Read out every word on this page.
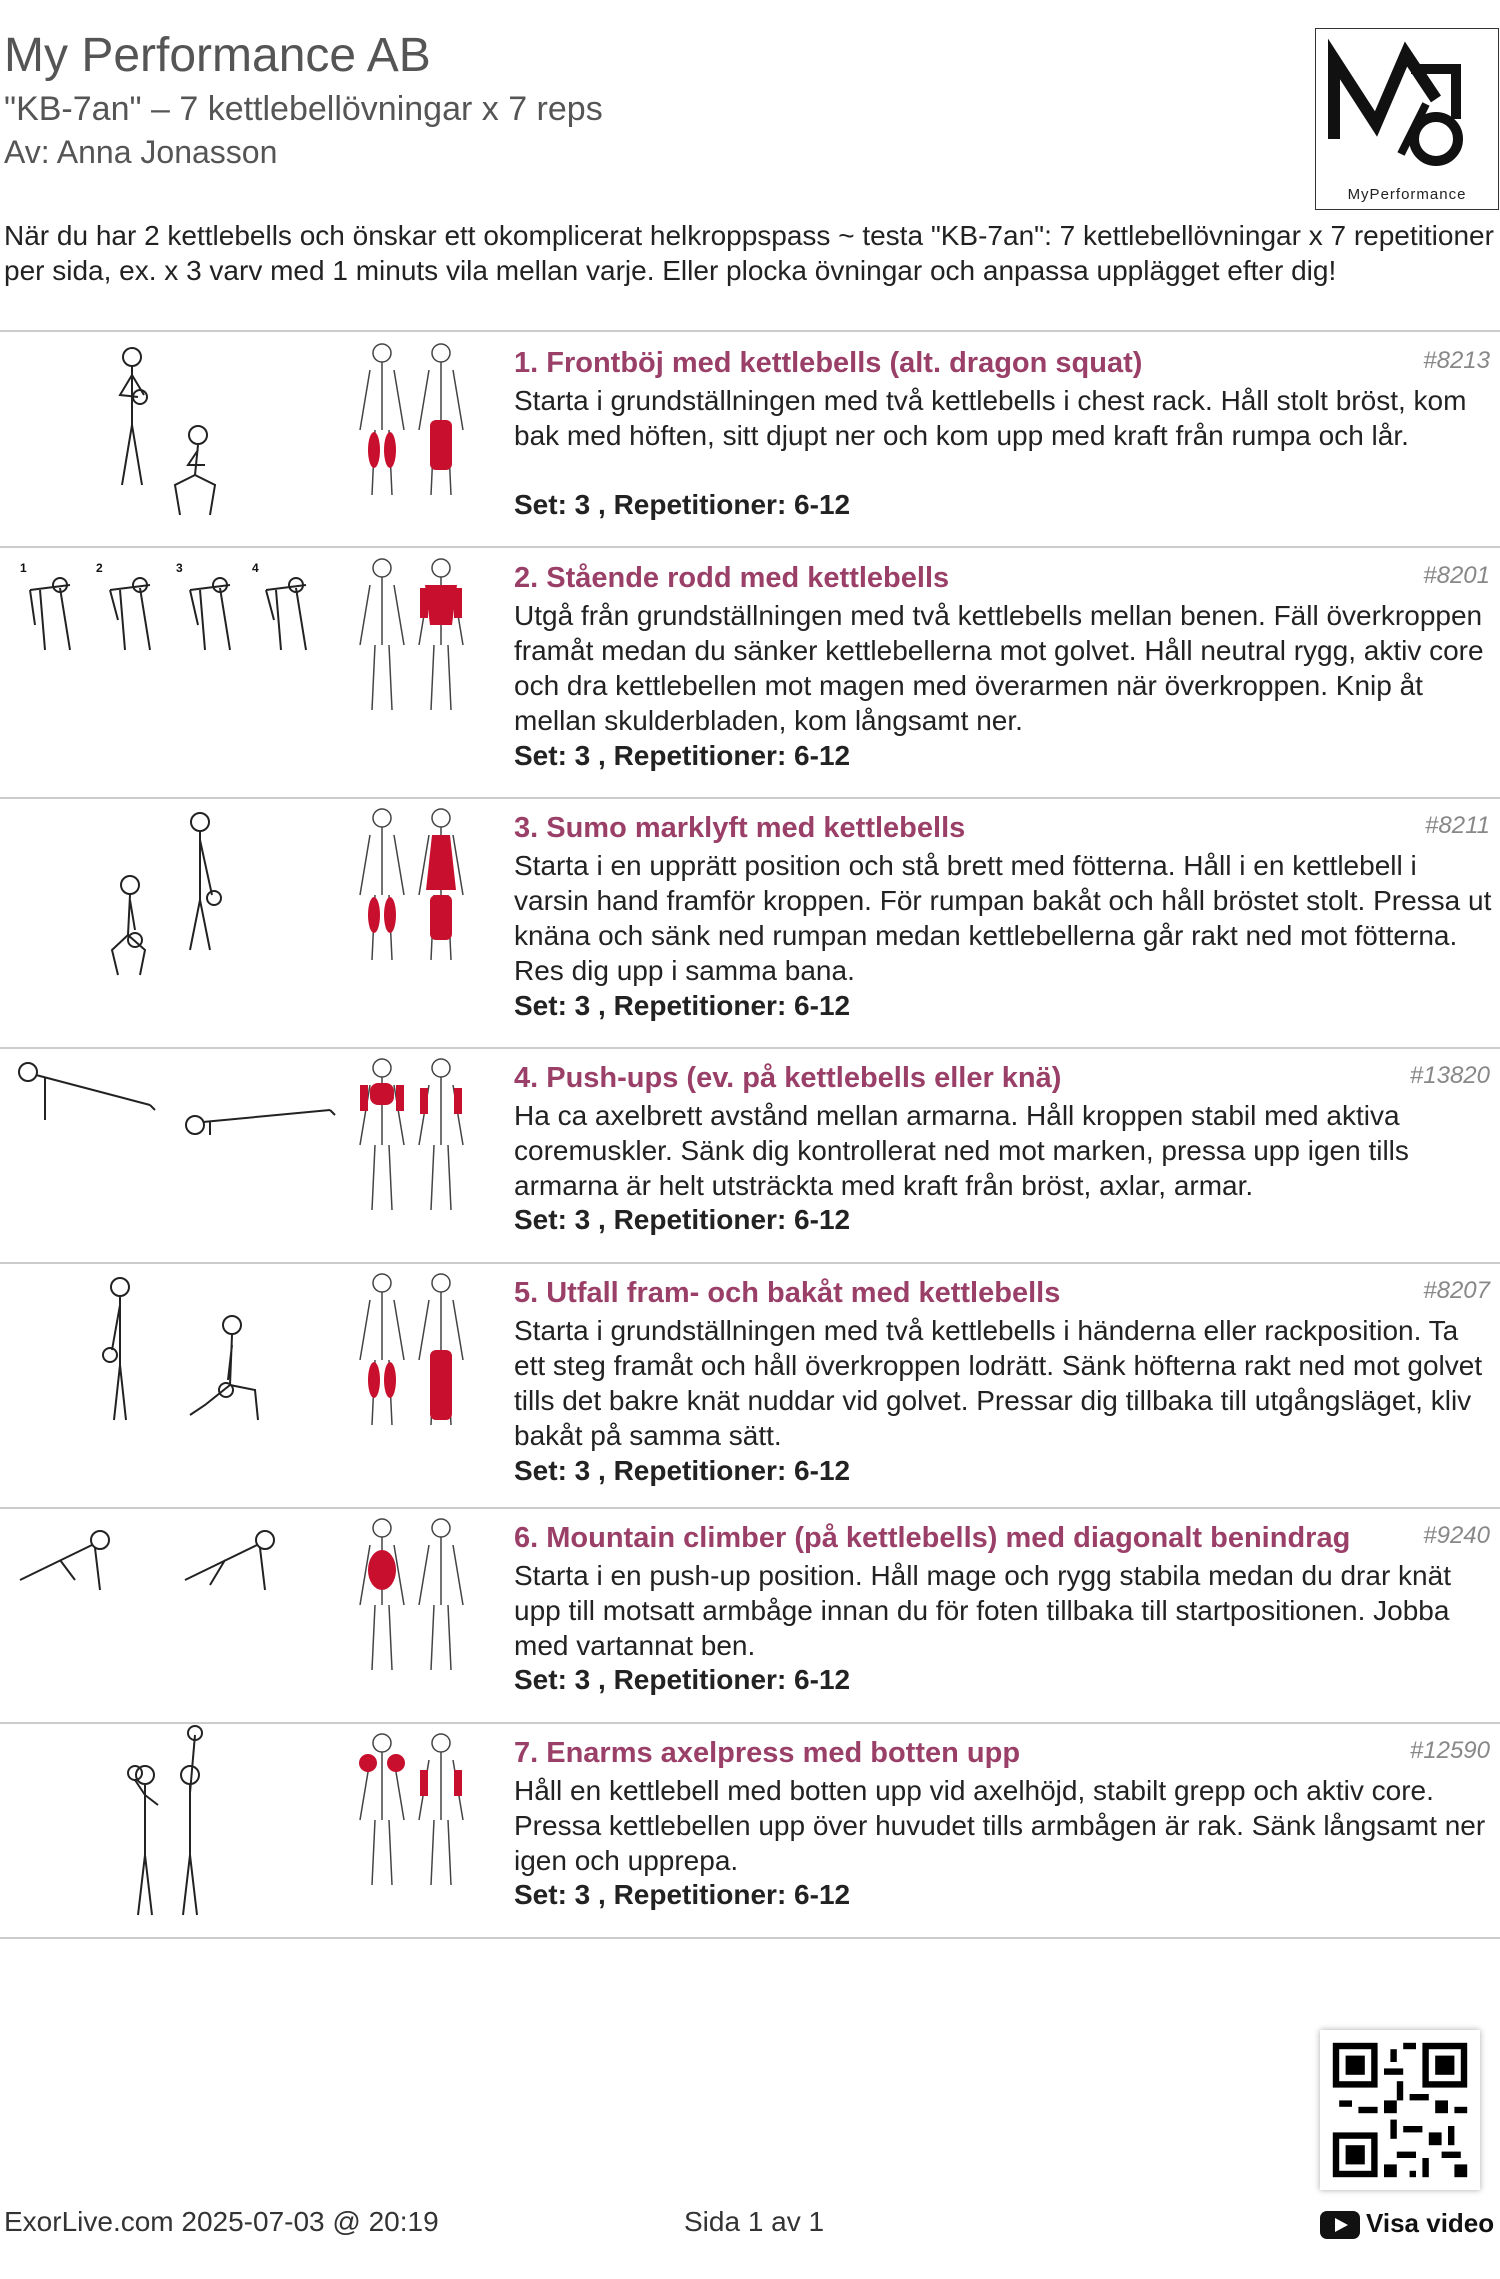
My Performance AB
"KB-7an" – 7 kettlebellövningar x 7 reps
Av: Anna Jonasson
MyPerformance
När du har 2 kettlebells och önskar ett okomplicerat helkroppspass ~ testa "KB-7an": 7 kettlebellövningar x 7 repetitioner per sida, ex. x 3 varv med 1 minuts vila mellan varje. Eller plocka övningar och anpassa upplägget efter dig!
1. Frontböj med kettlebells (alt. dragon squat)	#8213
Starta i grundställningen med två kettlebells i chest rack. Håll stolt bröst, kom bak med höften, sitt djupt ner och kom upp med kraft från rumpa och lår.
Set: 3 , Repetitioner: 6-12
1	2	3	4	2. Stående rodd med kettlebells	#8201
Utgå från grundställningen med två kettlebells mellan benen. Fäll överkroppen framåt medan du sänker kettlebellerna mot golvet. Håll neutral rygg, aktiv core och dra kettlebellen mot magen med överarmen när överkroppen. Knip åt mellan skulderbladen, kom långsamt ner.
Set: 3 , Repetitioner: 6-12
3. Sumo marklyft med kettlebells	#8211
Starta i en upprätt position och stå brett med fötterna. Håll i en kettlebell i varsin hand framför kroppen. För rumpan bakåt och håll bröstet stolt. Pressa ut knäna och sänk ned rumpan medan kettlebellerna går rakt ned mot fötterna. Res dig upp i samma bana.
Set: 3 , Repetitioner: 6-12
4. Push-ups (ev. på kettlebells eller knä)	#13820
Ha ca axelbrett avstånd mellan armarna. Håll kroppen stabil med aktiva coremuskler. Sänk dig kontrollerat ned mot marken, pressa upp igen tills armarna är helt utsträckta med kraft från bröst, axlar, armar.
Set: 3 , Repetitioner: 6-12
5. Utfall fram- och bakåt med kettlebells	#8207
Starta i grundställningen med två kettlebells i händerna eller rackposition. Ta ett steg framåt och håll överkroppen lodrätt. Sänk höfterna rakt ned mot golvet tills det bakre knät nuddar vid golvet. Pressar dig tillbaka till utgångsläget, kliv bakåt på samma sätt.
Set: 3 , Repetitioner: 6-12
6. Mountain climber (på kettlebells) med diagonalt benindrag	#9240
Starta i en push-up position. Håll mage och rygg stabila medan du drar knät upp till motsatt armbåge innan du för foten tillbaka till startpositionen. Jobba med vartannat ben.
Set: 3 , Repetitioner: 6-12
7. Enarms axelpress med botten upp	#12590
Håll en kettlebell med botten upp vid axelhöjd, stabilt grepp och aktiv core. Pressa kettlebellen upp över huvudet tills armbågen är rak. Sänk långsamt ner igen och upprepa.
Set: 3 , Repetitioner: 6-12
ExorLive.com 2025-07-03 @ 20:19	Sida 1 av 1	Visa video
